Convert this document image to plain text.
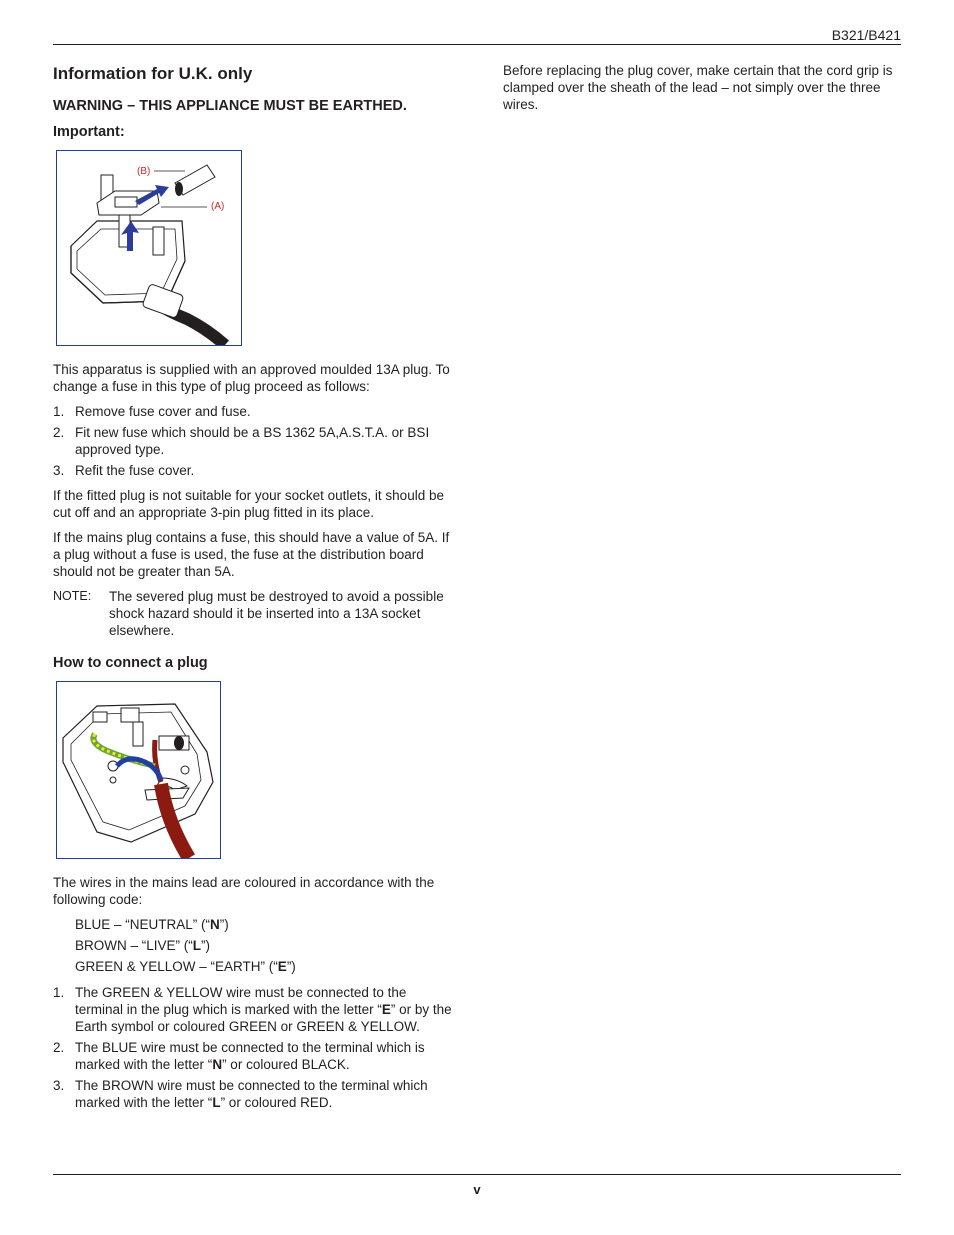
B321/B421
Information for U.K. only
WARNING – THIS APPLIANCE MUST BE EARTHED.
Important:
(B)
(A)

This apparatus is supplied with an approved moulded 13A plug. To change a fuse in this type of plug proceed as follows:

1. Remove fuse cover and fuse.
2. Fit new fuse which should be a BS 1362 5A,A.S.T.A. or BSI approved type.
3. Refit the fuse cover.

If the fitted plug is not suitable for your socket outlets, it should be cut off and an appropriate 3-pin plug fitted in its place.

If the mains plug contains a fuse, this should have a value of 5A. If a plug without a fuse is used, the fuse at the distribution board should not be greater than 5A.

NOTE:	The severed plug must be destroyed to avoid a possible shock hazard should it be inserted into a 13A socket elsewhere.
How to connect a plug

The wires in the mains lead are coloured in accordance with the following code:

BLUE – “NEUTRAL” (“N”)
BROWN – “LIVE” (“L”)
GREEN & YELLOW – “EARTH” (“E”)
1. The GREEN & YELLOW wire must be connected to the terminal in the plug which is marked with the letter “E” or by the Earth symbol or coloured GREEN or GREEN & YELLOW.
2. The BLUE wire must be connected to the terminal which is marked with the letter “N” or coloured BLACK.
3. The BROWN wire must be connected to the terminal which marked with the letter “L” or coloured RED.

Before replacing the plug cover, make certain that the cord grip is clamped over the sheath of the lead – not simply over the three wires.

v
